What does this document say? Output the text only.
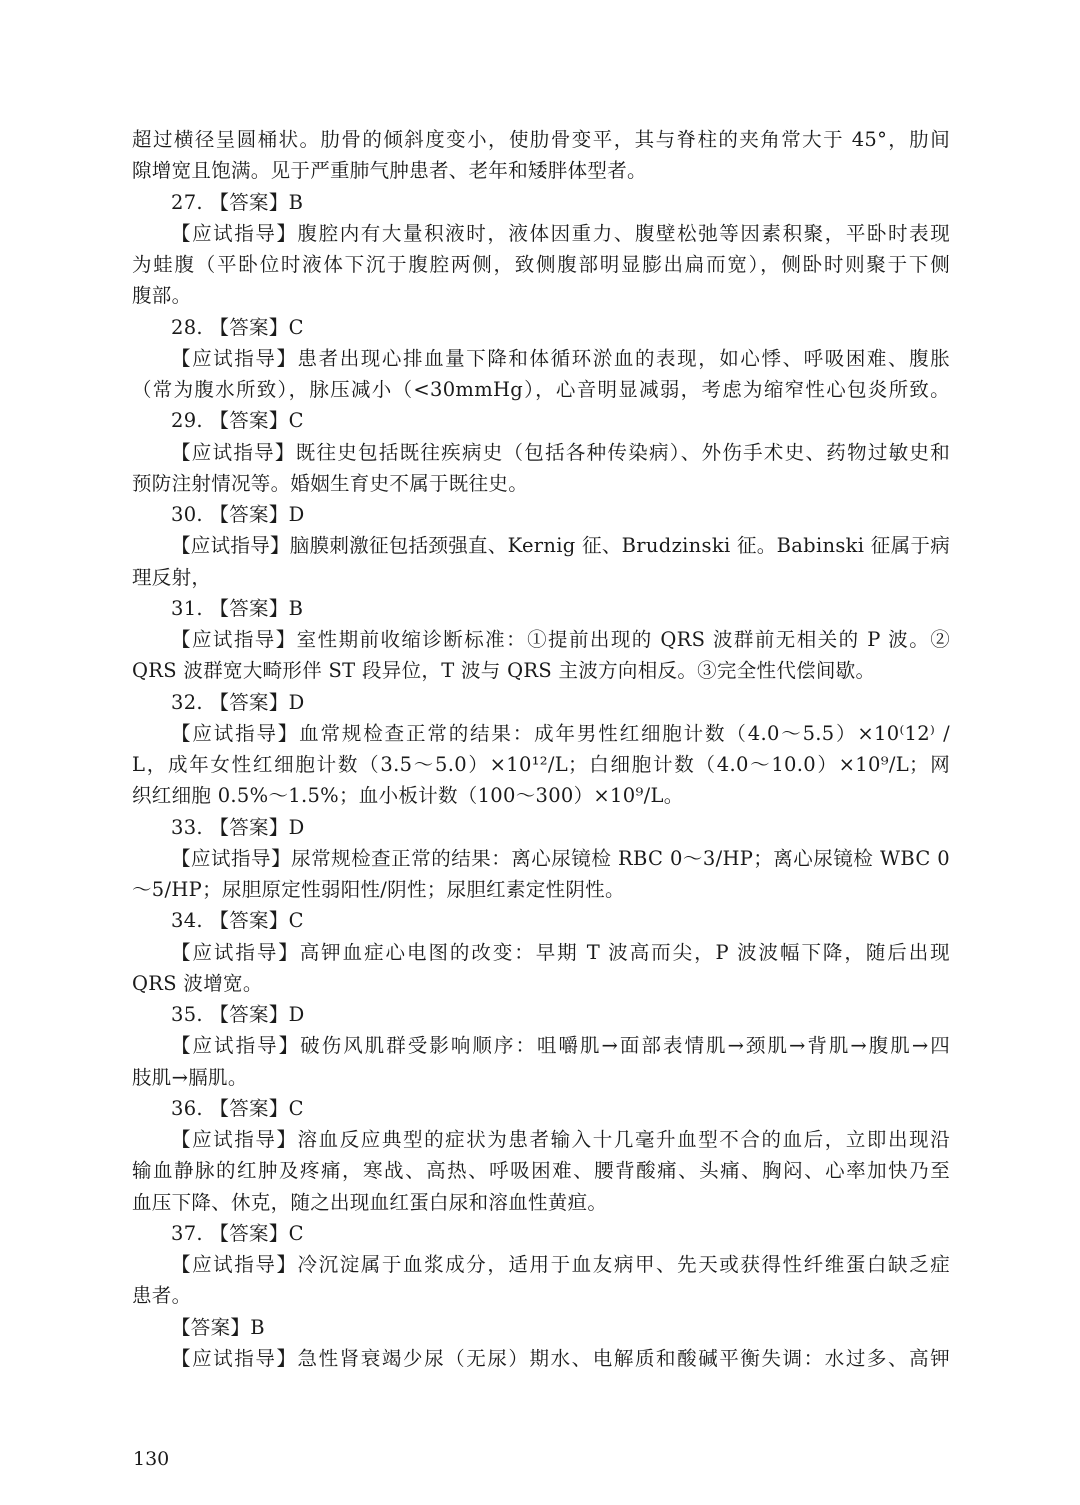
超过横径呈圆桶状。肋骨的倾斜度变小，使肋骨变平，其与脊柱的夹角常大于 45°，肋间
隙增宽且饱满。见于严重肺气肿患者、老年和矮胖体型者。
27. 【答案】B
【应试指导】腹腔内有大量积液时，液体因重力、腹壁松弛等因素积聚，平卧时表现
为蛙腹（平卧位时液体下沉于腹腔两侧，致侧腹部明显膨出扁而宽），侧卧时则聚于下侧
腹部。
28. 【答案】C
【应试指导】患者出现心排血量下降和体循环淤血的表现，如心悸、呼吸困难、腹胀
（常为腹水所致），脉压减小（<30mmHg），心音明显减弱，考虑为缩窄性心包炎所致。
29. 【答案】C
【应试指导】既往史包括既往疾病史（包括各种传染病）、外伤手术史、药物过敏史和
预防注射情况等。婚姻生育史不属于既往史。
30. 【答案】D
【应试指导】脑膜刺激征包括颈强直、Kernig 征、Brudzinski 征。Babinski 征属于病
理反射，
31. 【答案】B
【应试指导】室性期前收缩诊断标准：①提前出现的 QRS 波群前无相关的 P 波。②
QRS 波群宽大畸形伴 ST 段异位，T 波与 QRS 主波方向相反。③完全性代偿间歇。
32. 【答案】D
【应试指导】血常规检查正常的结果：成年男性红细胞计数（4.0～5.5）×10⁽12⁾ /
L，成年女性红细胞计数（3.5～5.0）×10¹²/L；白细胞计数（4.0～10.0）×10⁹/L；网
织红细胞 0.5%～1.5%；血小板计数（100～300）×10⁹/L。
33. 【答案】D
【应试指导】尿常规检查正常的结果：离心尿镜检 RBC 0～3/HP；离心尿镜检 WBC 0
～5/HP；尿胆原定性弱阳性/阴性；尿胆红素定性阴性。
34. 【答案】C
【应试指导】高钾血症心电图的改变：早期 T 波高而尖，P 波波幅下降，随后出现
QRS 波增宽。
35. 【答案】D
【应试指导】破伤风肌群受影响顺序：咀嚼肌→面部表情肌→颈肌→背肌→腹肌→四
肢肌→膈肌。
36. 【答案】C
【应试指导】溶血反应典型的症状为患者输入十几毫升血型不合的血后，立即出现沿
输血静脉的红肿及疼痛，寒战、高热、呼吸困难、腰背酸痛、头痛、胸闷、心率加快乃至
血压下降、休克，随之出现血红蛋白尿和溶血性黄疸。
37. 【答案】C
【应试指导】冷沉淀属于血浆成分，适用于血友病甲、先天或获得性纤维蛋白缺乏症
患者。
【答案】B
【应试指导】急性肾衰竭少尿（无尿）期水、电解质和酸碱平衡失调：水过多、高钾
130
